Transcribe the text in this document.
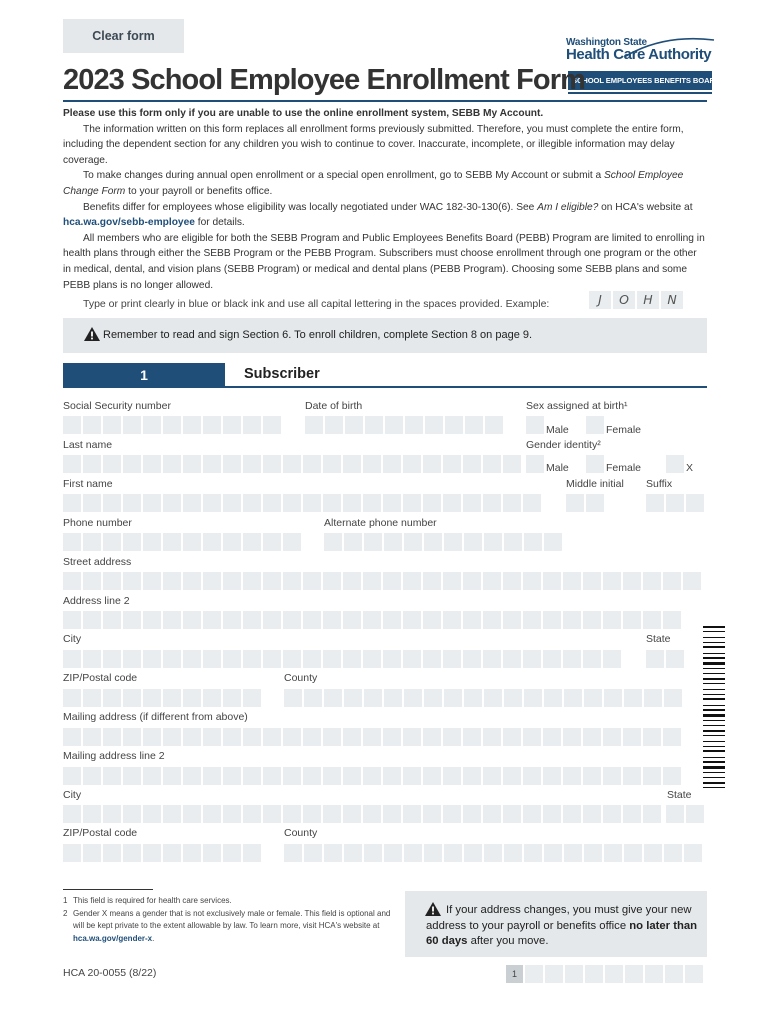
Clear form	Washington State
Health Care Authority
SCHOOL EMPLOYEES BENEFITS BOARD
2023 School Employee Enrollment Form

Please use this form only if you are unable to use the online enrollment system, SEBB My Account.

The information written on this form replaces all enrollment forms previously submitted. Therefore, you must complete the entire form, including the dependent section for any children you wish to continue to cover. Inaccurate, incomplete, or illegible information may delay coverage.

To make changes during annual open enrollment or a special open enrollment, go to SEBB My Account or submit a School Employee Change Form to your payroll or benefits office.

Benefits differ for employees whose eligibility was locally negotiated under WAC 182-30-130(6). See Am I eligible? on HCA's website at hca.wa.gov/sebb-employee for details.

All members who are eligible for both the SEBB Program and Public Employees Benefits Board (PEBB) Program are limited to enrolling in health plans through either the SEBB Program or the PEBB Program. Subscribers must choose enrollment through one program or the other in medical, dental, and vision plans (SEBB Program) or medical and dental plans (PEBB Program). Choosing some SEBB plans and some PEBB plans is no longer allowed.

Type or print clearly in blue or black ink and use all capital lettering in the spaces provided. Example:	J	O	H	N
Remember to read and sign Section 6. To enroll children, complete Section 8 on page 9.
1	Subscriber
Social Security number	Date of birth	Sex assigned at birth¹
Male	Female
Last name	Gender identity²
Male	Female	X
First name	Middle initial Suffix
Phone number	Alternate phone number
Street address
Address line 2
City	State
ZIP/Postal code	County
Mailing address (if different from above)
Mailing address line 2
City	State
ZIP/Postal code	County
1 This field is required for health care services.
2 Gender X means a gender that is not exclusively male or female. This field is optional and will be kept private to the extent allowable by law. To learn more, visit HCA's website at hca.wa.gov/gender-x.
If your address changes, you must give your new address to your payroll or benefits office no later than 60 days after you move.
HCA 20-0055 (8/22)	1
